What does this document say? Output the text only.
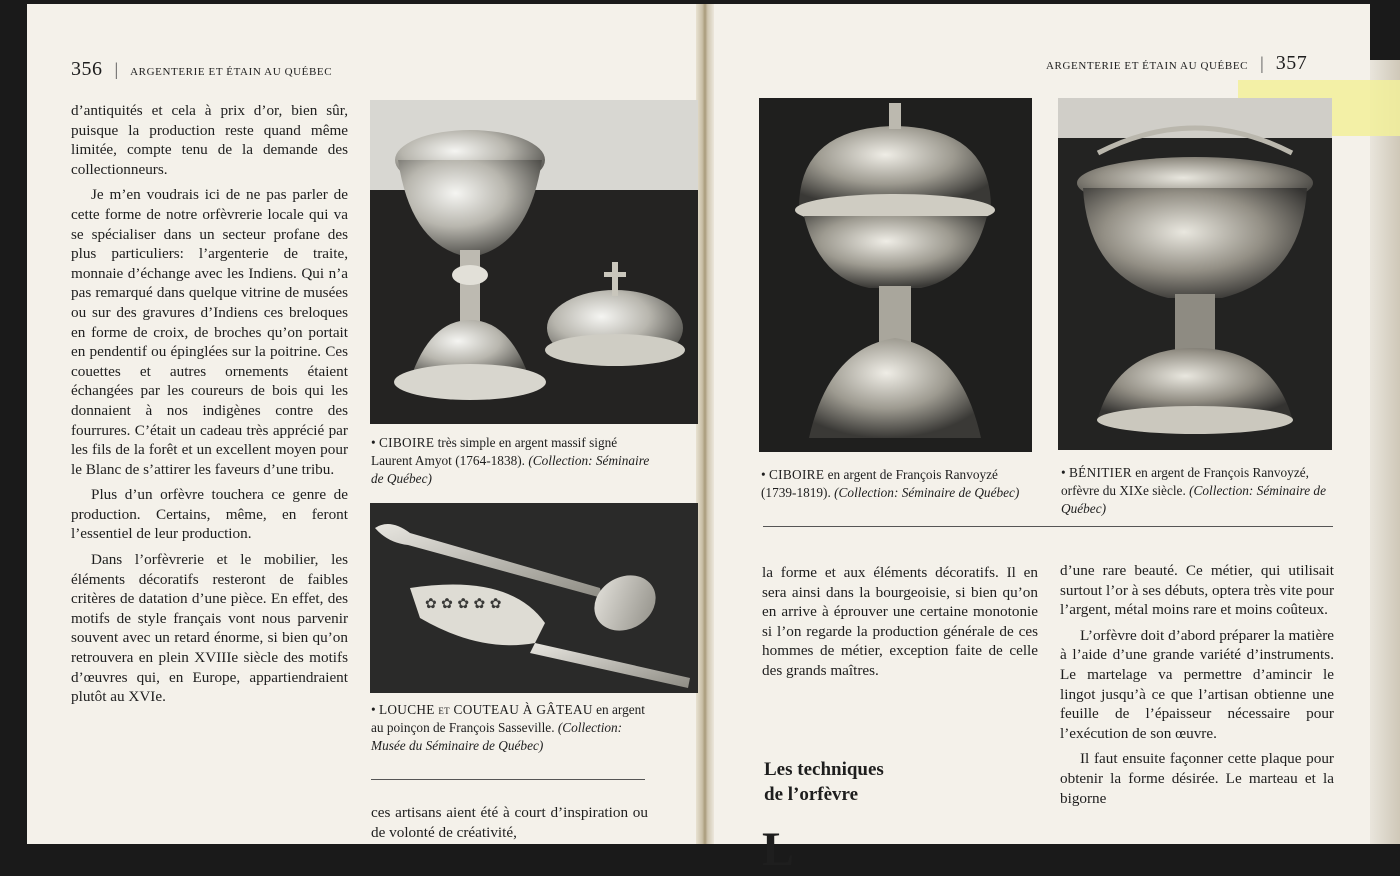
356 | ARGENTERIE ET ÉTAIN AU QUÉBEC

d’antiquités et cela à prix d’or, bien sûr, puisque la production reste quand même limitée, compte tenu de la demande des collectionneurs.

Je m’en voudrais ici de ne pas parler de cette forme de notre orfèvrerie locale qui va se spécialiser dans un secteur profane des plus particuliers: l’argenterie de traite, monnaie d’échange avec les Indiens. Qui n’a pas remarqué dans quelque vitrine de musées ou sur des gravures d’Indiens ces breloques en forme de croix, de broches qu’on portait en pendentif ou épinglées sur la poitrine. Ces couettes et autres ornements étaient échangées par les coureurs de bois qui les donnaient à nos indigènes contre des fourrures. C’était un cadeau très apprécié par les fils de la forêt et un excellent moyen pour le Blanc de s’attirer les faveurs d’une tribu.

Plus d’un orfèvre touchera ce genre de production. Certains, même, en feront l’essentiel de leur production.

Dans l’orfèvrerie et le mobilier, les éléments décoratifs resteront de faibles critères de datation d’une pièce. En effet, des motifs de style français vont nous parvenir souvent avec un retard énorme, si bien qu’on retrouvera en plein XVIIIe siècle des motifs d’œuvres qui, en Europe, appartiendraient plutôt au XVIe.

• CIBOIRE très simple en argent massif signé Laurent Amyot (1764-1838). (Collection: Séminaire de Québec)
✿ ✿ ✿ ✿ ✿
• LOUCHE et COUTEAU À GÂTEAU en argent au poinçon de François Sasseville. (Collection: Musée du Séminaire de Québec)

ces artisans aient été à court d’inspiration ou de volonté de créativité,

ARGENTERIE ET ÉTAIN AU QUÉBEC | 357
• CIBOIRE en argent de François Ranvoyzé (1739-1819). (Collection: Séminaire de Québec)
• BÉNITIER en argent de François Ranvoyzé, orfèvre du XIXe siècle. (Collection: Séminaire de Québec)

la forme et aux éléments décoratifs. Il en sera ainsi dans la bourgeoisie, si bien qu’on en arrive à éprouver une certaine monotonie si l’on regarde la production générale de ces hommes de métier, exception faite de celle des grands maîtres.

Les techniques
de l’orfèvre
L

d’une rare beauté. Ce métier, qui utilisait surtout l’or à ses débuts, optera très vite pour l’argent, métal moins rare et moins coûteux.

L’orfèvre doit d’abord préparer la matière à l’aide d’une grande variété d’instruments. Le martelage va permettre d’amincir le lingot jusqu’à ce que l’artisan obtienne une feuille de l’épaisseur nécessaire pour l’exécution de son œuvre.

Il faut ensuite façonner cette plaque pour obtenir la forme désirée. Le marteau et la bigorne
